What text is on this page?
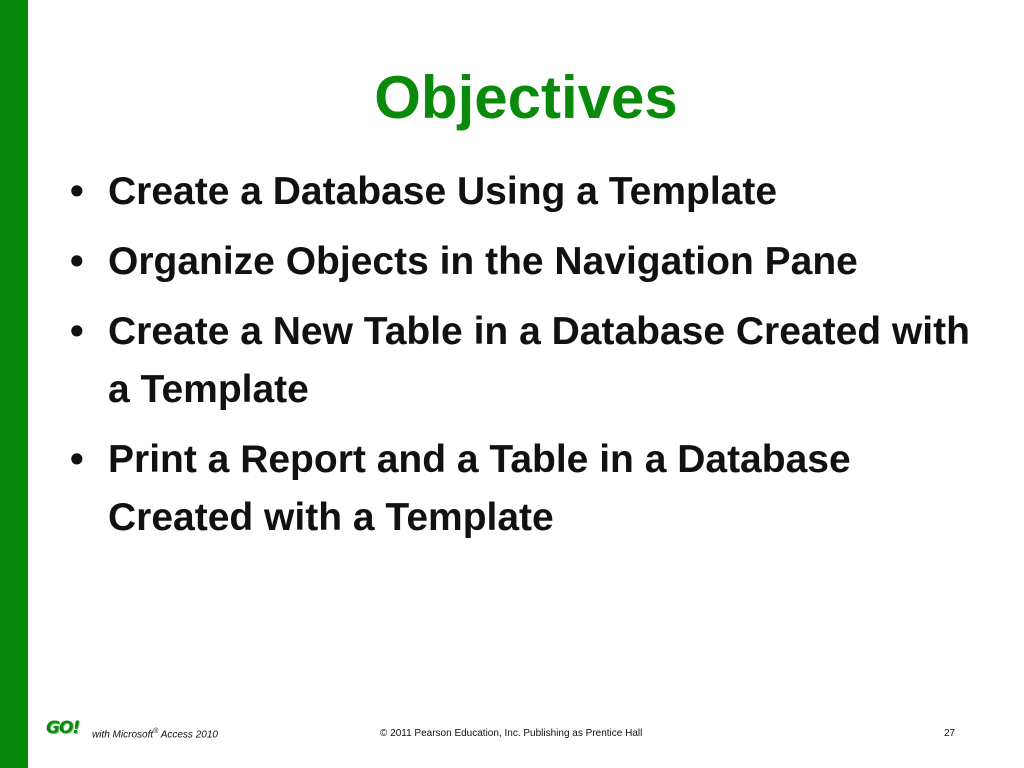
Objectives
• Create a Database Using a Template
• Organize Objects in the Navigation Pane
• Create a New Table in a Database Created with a Template
• Print a Report and a Table in a Database Created with a Template
GO! with Microsoft® Access 2010	© 2011 Pearson Education, Inc. Publishing as Prentice Hall	27
